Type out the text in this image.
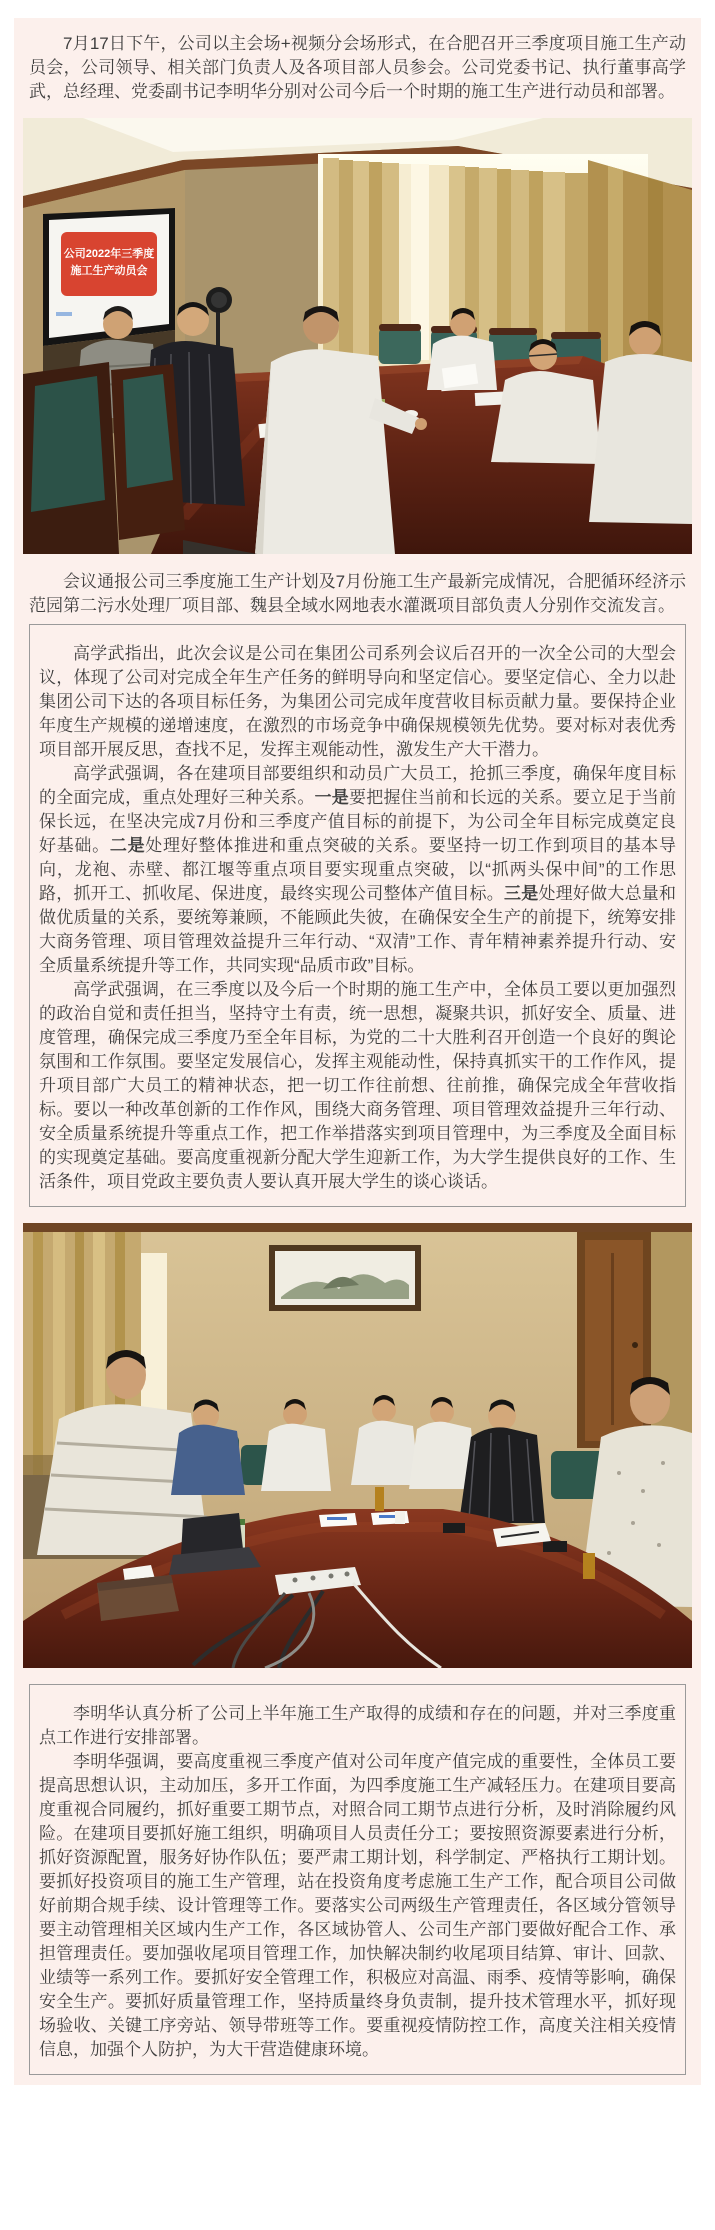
7月17日下午，公司以主会场+视频分会场形式，在合肥召开三季度项目施工生产动员会，公司领导、相关部门负责人及各项目部人员参会。公司党委书记、执行董事高学武，总经理、党委副书记李明华分别对公司今后一个时期的施工生产进行动员和部署。

公司2022年三季度
施工生产动员会

会议通报公司三季度施工生产计划及7月份施工生产最新完成情况，合肥循环经济示范园第二污水处理厂项目部、魏县全域水网地表水灌溉项目部负责人分别作交流发言。

高学武指出，此次会议是公司在集团公司系列会议后召开的一次全公司的大型会议，体现了公司对完成全年生产任务的鲜明导向和坚定信心。要坚定信心、全力以赴集团公司下达的各项目标任务，为集团公司完成年度营收目标贡献力量。要保持企业年度生产规模的递增速度，在激烈的市场竞争中确保规模领先优势。要对标对表优秀项目部开展反思，查找不足，发挥主观能动性，激发生产大干潜力。

高学武强调，各在建项目部要组织和动员广大员工，抢抓三季度，确保年度目标的全面完成，重点处理好三种关系。一是要把握住当前和长远的关系。要立足于当前保长远，在坚决完成7月份和三季度产值目标的前提下，为公司全年目标完成奠定良好基础。二是处理好整体推进和重点突破的关系。要坚持一切工作到项目的基本导向，龙袍、赤壁、都江堰等重点项目要实现重点突破，以“抓两头保中间”的工作思路，抓开工、抓收尾、保进度，最终实现公司整体产值目标。三是处理好做大总量和做优质量的关系，要统筹兼顾，不能顾此失彼，在确保安全生产的前提下，统筹安排大商务管理、项目管理效益提升三年行动、“双清”工作、青年精神素养提升行动、安全质量系统提升等工作，共同实现“品质市政”目标。

高学武强调，在三季度以及今后一个时期的施工生产中，全体员工要以更加强烈的政治自觉和责任担当，坚持守土有责，统一思想，凝聚共识，抓好安全、质量、进度管理，确保完成三季度乃至全年目标，为党的二十大胜利召开创造一个良好的舆论氛围和工作氛围。要坚定发展信心，发挥主观能动性，保持真抓实干的工作作风，提升项目部广大员工的精神状态，把一切工作往前想、往前推，确保完成全年营收指标。要以一种改革创新的工作作风，围绕大商务管理、项目管理效益提升三年行动、安全质量系统提升等重点工作，把工作举措落实到项目管理中，为三季度及全面目标的实现奠定基础。要高度重视新分配大学生迎新工作，为大学生提供良好的工作、生活条件，项目党政主要负责人要认真开展大学生的谈心谈话。

李明华认真分析了公司上半年施工生产取得的成绩和存在的问题，并对三季度重点工作进行安排部署。

李明华强调，要高度重视三季度产值对公司年度产值完成的重要性，全体员工要提高思想认识，主动加压，多开工作面，为四季度施工生产减轻压力。在建项目要高度重视合同履约，抓好重要工期节点，对照合同工期节点进行分析，及时消除履约风险。在建项目要抓好施工组织，明确项目人员责任分工；要按照资源要素进行分析，抓好资源配置，服务好协作队伍；要严肃工期计划，科学制定、严格执行工期计划。要抓好投资项目的施工生产管理，站在投资角度考虑施工生产工作，配合项目公司做好前期合规手续、设计管理等工作。要落实公司两级生产管理责任，各区域分管领导要主动管理相关区域内生产工作，各区域协管人、公司生产部门要做好配合工作、承担管理责任。要加强收尾项目管理工作，加快解决制约收尾项目结算、审计、回款、业绩等一系列工作。要抓好安全管理工作，积极应对高温、雨季、疫情等影响，确保安全生产。要抓好质量管理工作，坚持质量终身负责制，提升技术管理水平，抓好现场验收、关键工序旁站、领导带班等工作。要重视疫情防控工作，高度关注相关疫情信息，加强个人防护，为大干营造健康环境。
